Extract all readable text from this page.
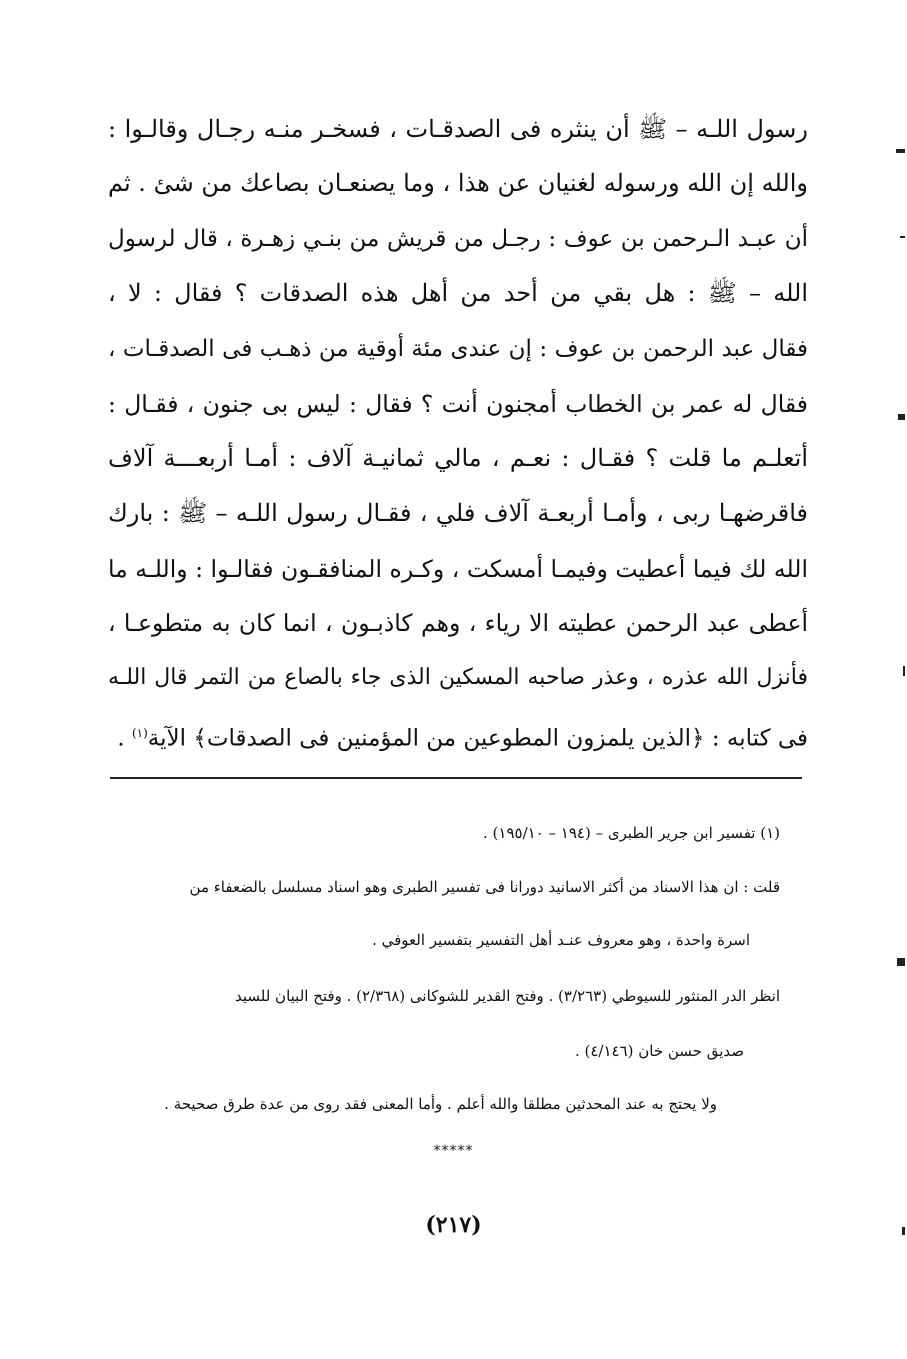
رسول اللـه – ﷺ أن ينثره فى الصدقـات ، فسخـر منـه رجـال وقالـوا :
والله إن الله ورسوله لغنيان عن هذا ، وما يصنعـان بصاعك من شئ . ثم
أن عبـد الـرحمن بن عوف : رجـل من قريش من بنـي زهـرة ، قال لرسول
الله – ﷺ : هل بقي من أحد من أهل هذه الصدقات ؟ فقال : لا ،
فقال عبد الرحمن بن عوف : إن عندى مئة أوقية من ذهـب فى الصدقـات ،
فقال له عمر بن الخطاب أمجنون أنت ؟ فقال : ليس بى جنون ، فقـال :
أتعلـم ما قلت ؟ فقـال : نعـم ، مالي ثمانيـة آلاف : أمـا أربعـــة آلاف
فاقرضهـا ربى ، وأمـا أربعـة آلاف فلي ، فقـال رسول اللـه – ﷺ : بارك
الله لك فيما أعطيت وفيمـا أمسكت ، وكـره المنافقـون فقالـوا : واللـه ما
أعطى عبد الرحمن عطيته الا رياء ، وهم كاذبـون ، انما كان به متطوعـا ،
فأنزل الله عذره ، وعذر صاحبه المسكين الذى جاء بالصاع من التمر قال اللـه
فى كتابه : ﴿الذين يلمزون المطوعين من المؤمنين فى الصدقات﴾ الآية$^{(١)}$ .
(١) تفسير ابن جرير الطبرى – (١٩٤ – ١٩٥/١٠) .
قلت : ان هذا الاسناد من أكثر الاسانيد دورانا فى تفسير الطبرى وهو اسناد مسلسل بالضعفاء من
اسرة واحدة ، وهو معروف عنـد أهل التفسير بتفسير العوفي .
انظر الدر المنثور للسيوطي (٣/٢٦٣) . وفتح القدير للشوكانى (٢/٣٦٨) . وفتح البيان للسيد
صديق حسن خان (٤/١٤٦) .
ولا يحتج به عند المحدثين مطلقا والله أعلم . وأما المعنى فقد روى من عدة طرق صحيحة .
*****
(٢١٧)
